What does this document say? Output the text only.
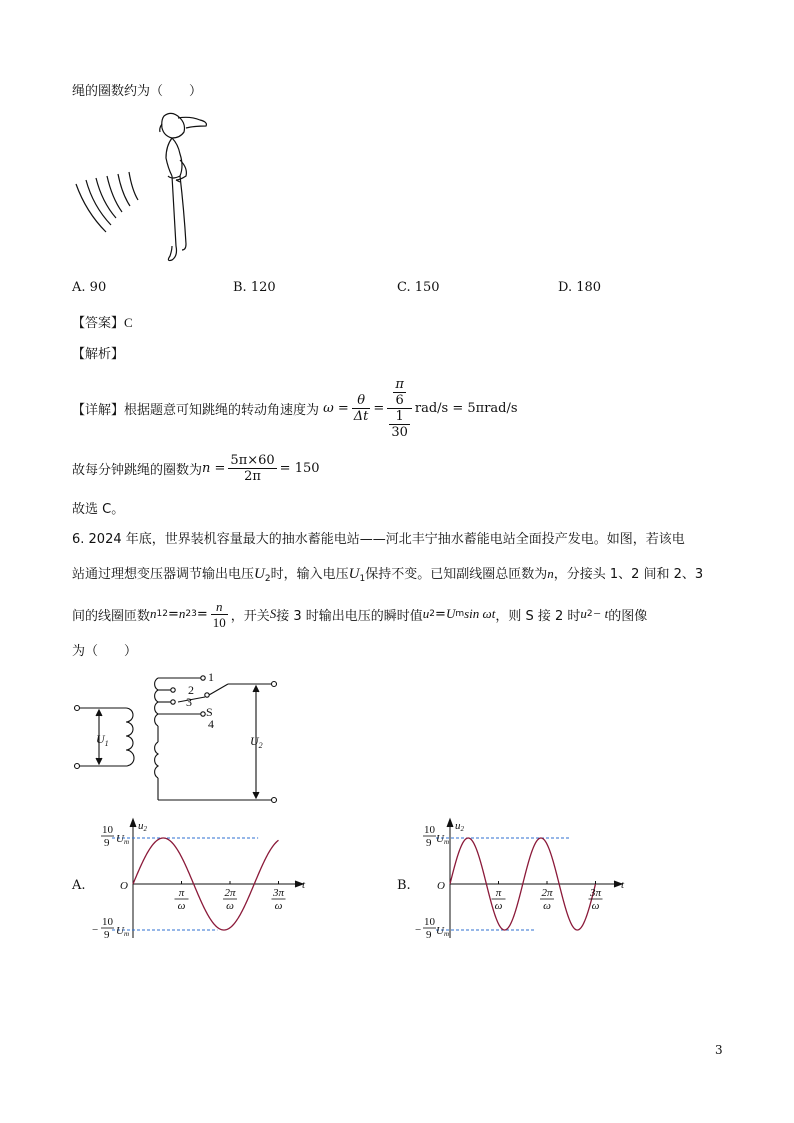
绳的圈数约为（　　）
A. 90	B. 120	C. 150	D. 180
【答案】C
【解析】
【详解】 根据题意可知跳绳的转动角速度为 $\omega = \frac{\theta}{\Delta t} = \frac{\frac{\pi}{6}}{\frac{1}{30}} rad/s$
= 5πrad/s
故每分钟跳绳的圈数为 $n = \frac{5\pi\times 60}{2\pi} = 150$
故选 C。
6. 2024 年底，世界装机容量最大的抽水蓄能电站——河北丰宁抽水蓄能电站全面投产发电。如图，若该电
站通过理想变压器调节输出电压$U_2$时，输入电压$U_1$保持不变。已知副线圈总匝数为n，分接头 1、2 间和 2、3
间的线圈匝数 n 12 = n $23 = \frac{n}{10}$ ，开关 S 接 3 时输出电压的瞬时值 u 2 = U m sin ωt ，则 S 接 2 时 u 2 − t 的图像
为（　　）
1
2
3
4
S
$U_1$	$U_2$
A.
u2
t
O
10
9 Um
−
10
9 Um
π
ω
2π
ω
3π
ω
B.
u2
t
O
10
9 Um
−
10
9 Um
π
ω
2π
ω
3π
ω
3
